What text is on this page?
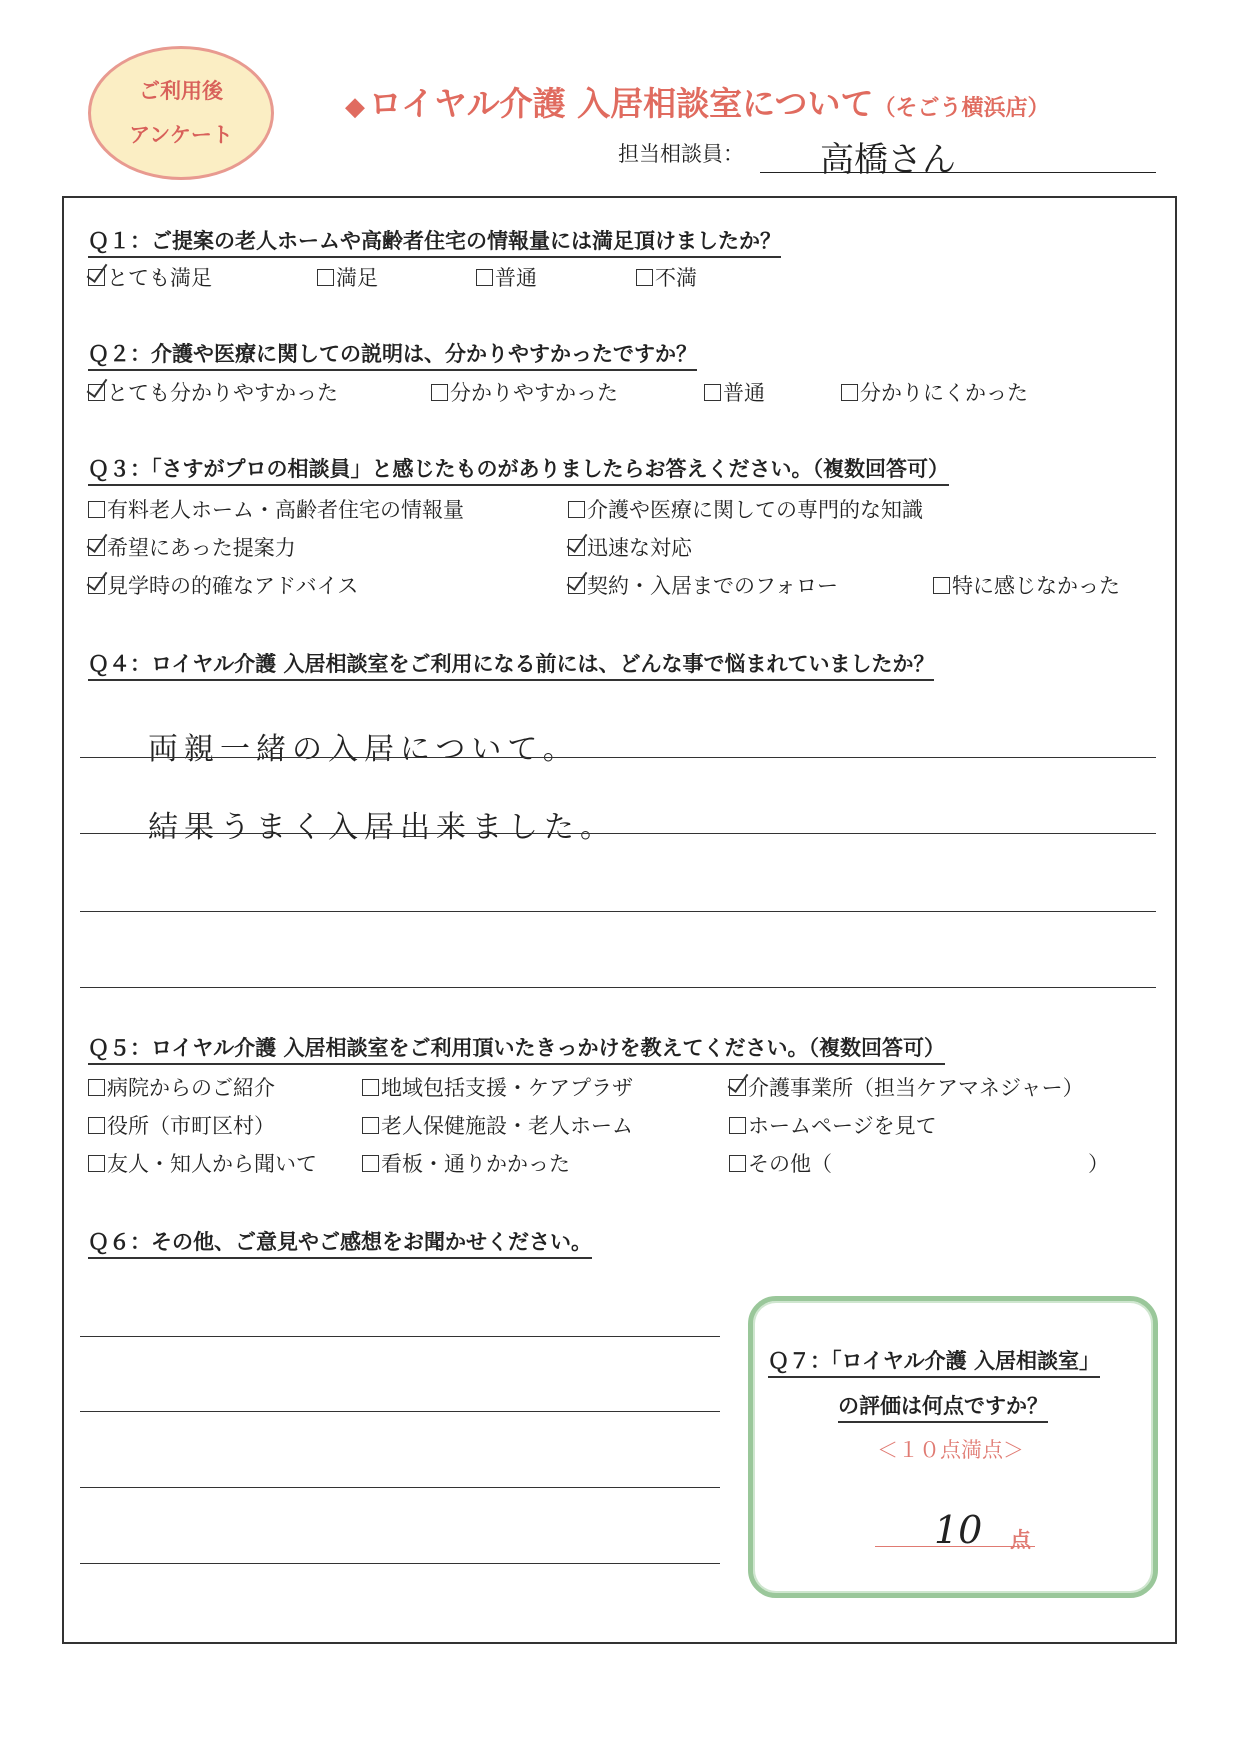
ご利用後
アンケート
◆ ロイヤル介護 入居相談室について（そごう横浜店）
担当相談員： 高橋さん
Ｑ１：ご提案の老人ホームや高齢者住宅の情報量には満足頂けましたか？
とても満足	満足	普通	不満
Ｑ２：介護や医療に関しての説明は、分かりやすかったですか？
とても分かりやすかった	分かりやすかった	普通	分かりにくかった
Ｑ３：「さすがプロの相談員」と感じたものがありましたらお答えください。（複数回答可）
有料老人ホーム・高齢者住宅の情報量	介護や医療に関しての専門的な知識
希望にあった提案力	迅速な対応
見学時の的確なアドバイス	契約・入居までのフォロー	特に感じなかった
Ｑ４：ロイヤル介護 入居相談室をご利用になる前には、どんな事で悩まれていましたか？
両親一緒の入居について。
結果うまく入居出来ました。
Ｑ５：ロイヤル介護 入居相談室をご利用頂いたきっかけを教えてください。（複数回答可）
病院からのご紹介	地域包括支援・ケアプラザ	介護事業所（担当ケアマネジャー）
役所（市町区村）	老人保健施設・老人ホーム	ホームページを見て
友人・知人から聞いて	看板・通りかかった	その他（	）
Ｑ６：その他、ご意見やご感想をお聞かせください。
Ｑ７：「ロイヤル介護 入居相談室」
の評価は何点ですか？
＜１０点満点＞
10 点
